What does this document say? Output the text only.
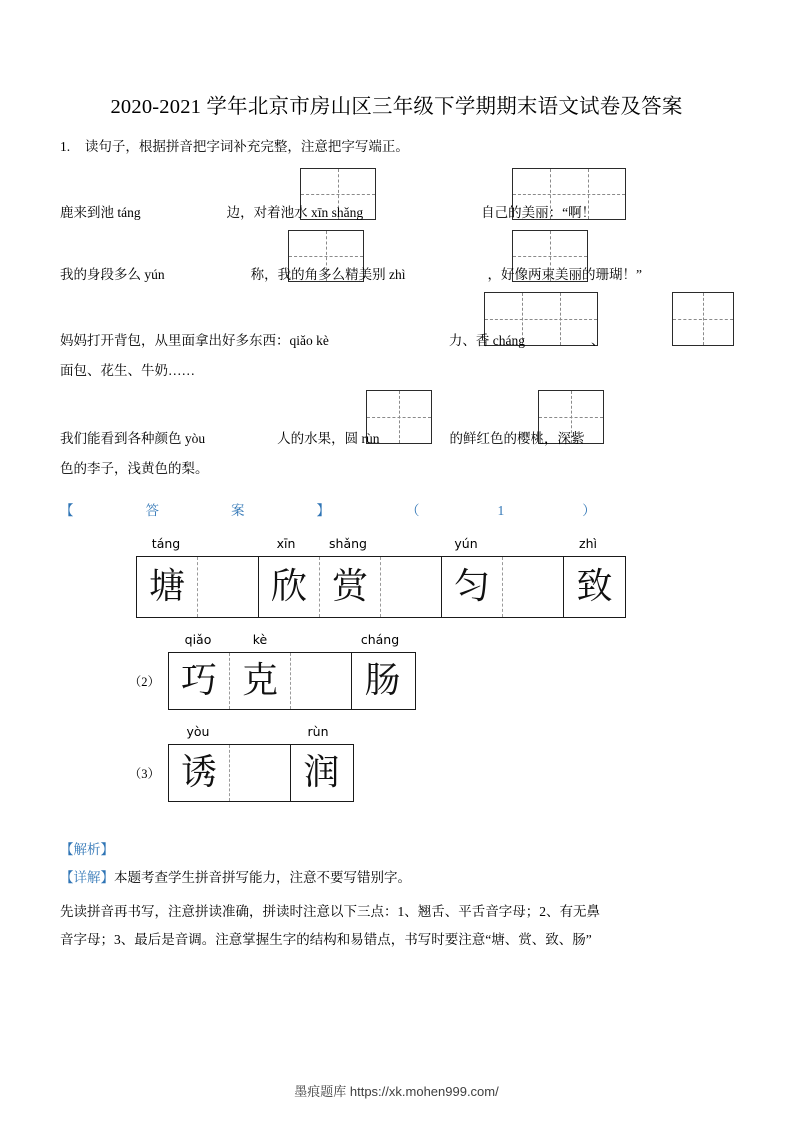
2020-2021 学年北京市房山区三年级下学期期末语文试卷及答案
1. 读句子，根据拼音把字词补充完整，注意把字写端正。
鹿来到池 táng	边，对着池水 xīn shǎng	自己的美丽：“啊！
我的身段多么 yún	称，我的角多么精美别 zhì	，好像两束美丽的珊瑚！”
妈妈打开背包，从里面拿出好多东西：qiǎo kè	力、香 cháng	、
面包、花生、牛奶……
我们能看到各种颜色 yòu	人的水果，圆 rùn	的鲜红色的樱桃，深紫
色的李子，浅黄色的梨。
【	答	案	】	（	1	）
táng	xīn	shǎng	yún	zhì
塘 欣 赏 匀 致
qiǎo	kè	cháng
（2） 巧 克 肠
yòu	rùn
（3） 诱 润
【解析】
【详解】本题考查学生拼音拼写能力，注意不要写错别字。
先读拼音再书写，注意拼读准确，拼读时注意以下三点：1、翘舌、平舌音字母；2、有无鼻
音字母；3、最后是音调。注意掌握生字的结构和易错点，书写时要注意“塘、赏、致、肠”
墨痕题库 https://xk.mohen999.com/
